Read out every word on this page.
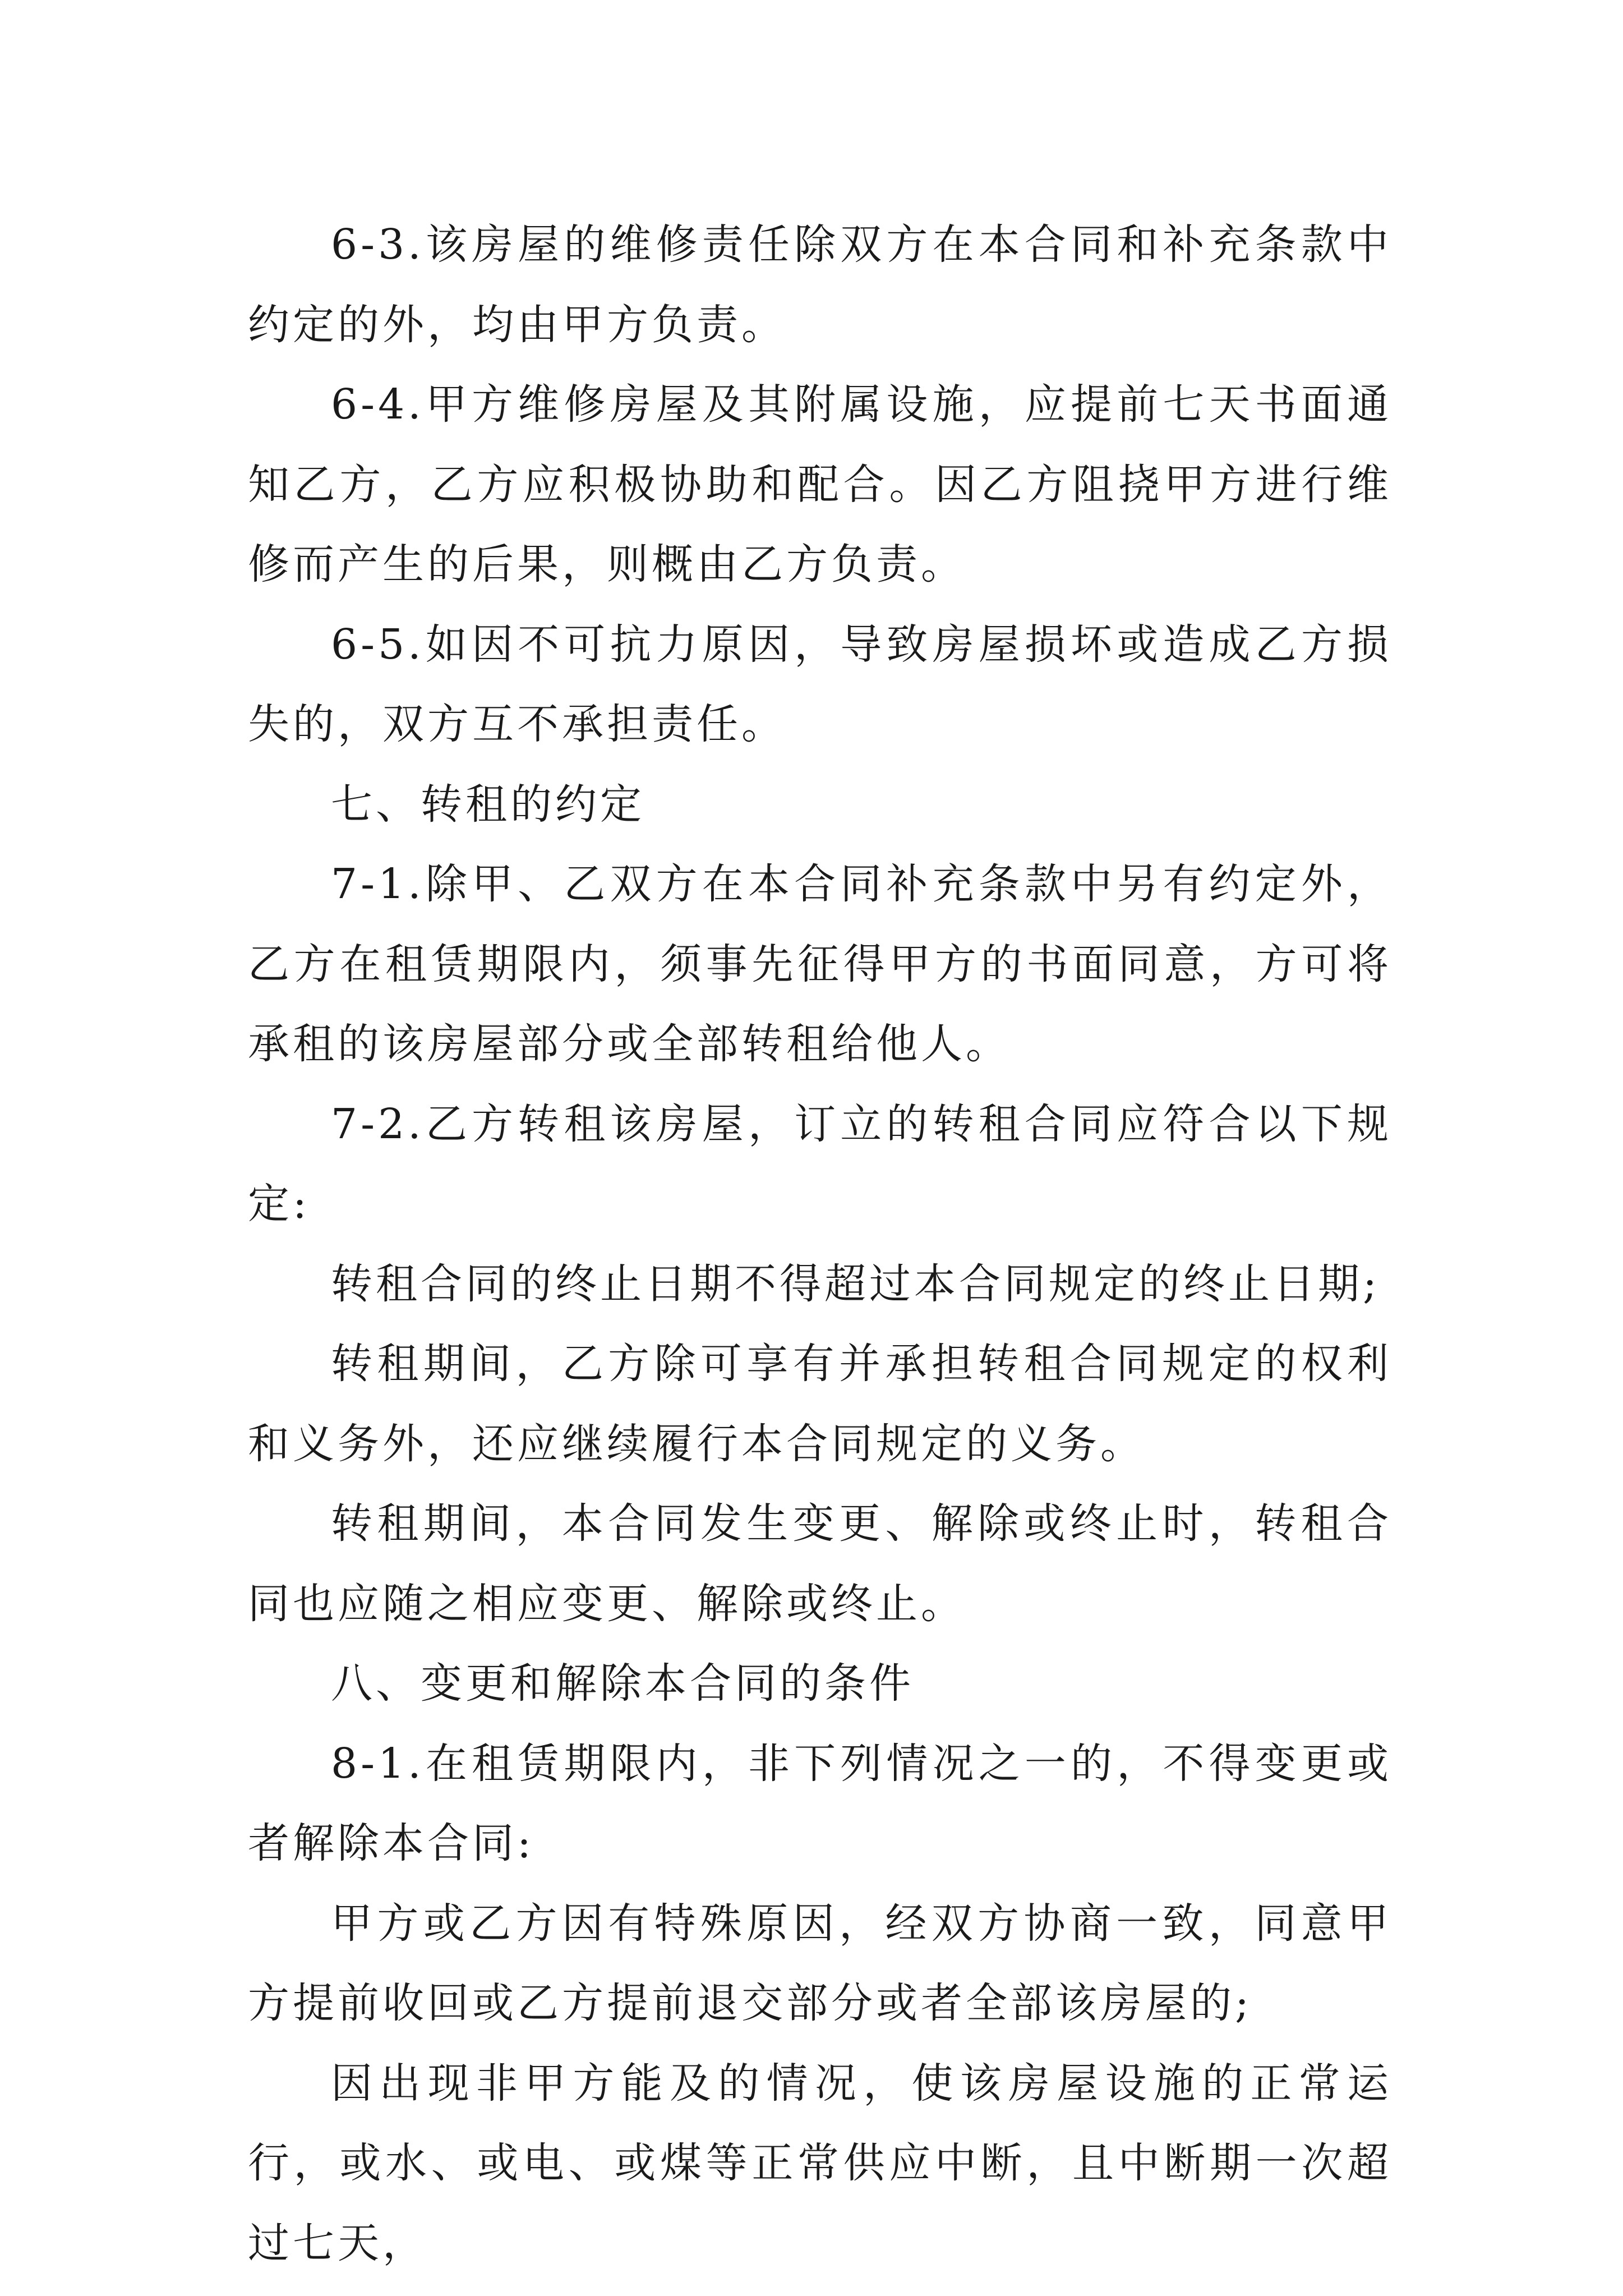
6-3.该房屋的维修责任除双方在本合同和补充条款中约定的外，均由甲方负责。

6-4.甲方维修房屋及其附属设施，应提前七天书面通知乙方，乙方应积极协助和配合。因乙方阻挠甲方进行维修而产生的后果，则概由乙方负责。

6-5.如因不可抗力原因，导致房屋损坏或造成乙方损失的，双方互不承担责任。

七、转租的约定

7-1.除甲、乙双方在本合同补充条款中另有约定外，乙方在租赁期限内，须事先征得甲方的书面同意，方可将承租的该房屋部分或全部转租给他人。

7-2.乙方转租该房屋，订立的转租合同应符合以下规定:

转租合同的终止日期不得超过本合同规定的终止日期;

转租期间，乙方除可享有并承担转租合同规定的权利和义务外，还应继续履行本合同规定的义务。

转租期间，本合同发生变更、解除或终止时，转租合同也应随之相应变更、解除或终止。

八、变更和解除本合同的条件

8-1.在租赁期限内，非下列情况之一的，不得变更或者解除本合同:

甲方或乙方因有特殊原因，经双方协商一致，同意甲方提前收回或乙方提前退交部分或者全部该房屋的;

因出现非甲方能及的情况，使该房屋设施的正常运行，或水、或电、或煤等正常供应中断，且中断期一次超过七天，
